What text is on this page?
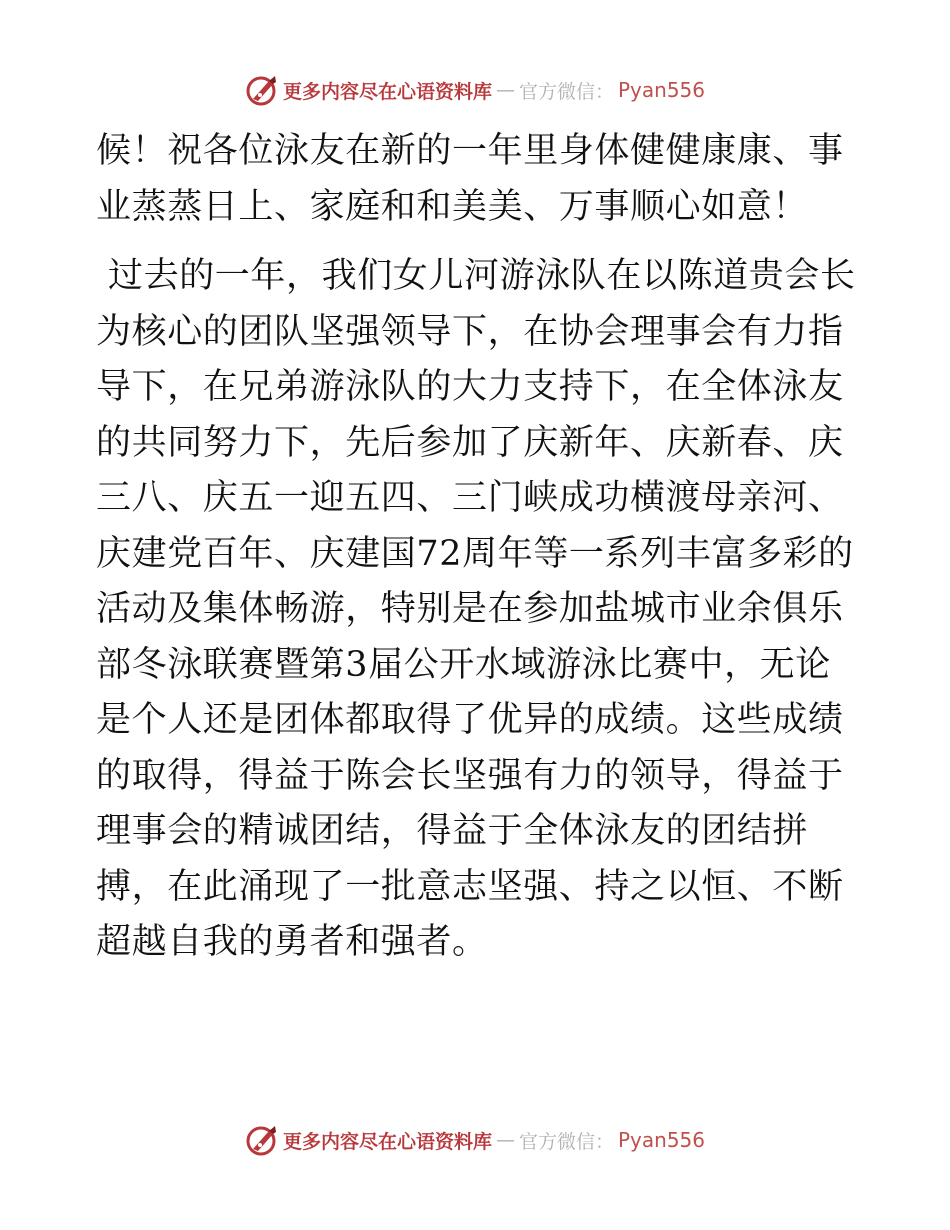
更多内容尽在心语资料库 — 官方微信： Pyan556

候！祝各位泳友在新的一年里身体健健康康、事业蒸蒸日上、家庭和和美美、万事顺心如意！

过去的一年，我们女儿河游泳队在以陈道贵会长为核心的团队坚强领导下，在协会理事会有力指导下，在兄弟游泳队的大力支持下，在全体泳友的共同努力下，先后参加了庆新年、庆新春、庆三八、庆五一迎五四、三门峡成功横渡母亲河、庆建党百年、庆建国72周年等一系列丰富多彩的活动及集体畅游，特别是在参加盐城市业余俱乐部冬泳联赛暨第3届公开水域游泳比赛中，无论是个人还是团体都取得了优异的成绩。这些成绩的取得，得益于陈会长坚强有力的领导，得益于理事会的精诚团结，得益于全体泳友的团结拼搏，在此涌现了一批意志坚强、持之以恒、不断超越自我的勇者和强者。

更多内容尽在心语资料库 — 官方微信： Pyan556
